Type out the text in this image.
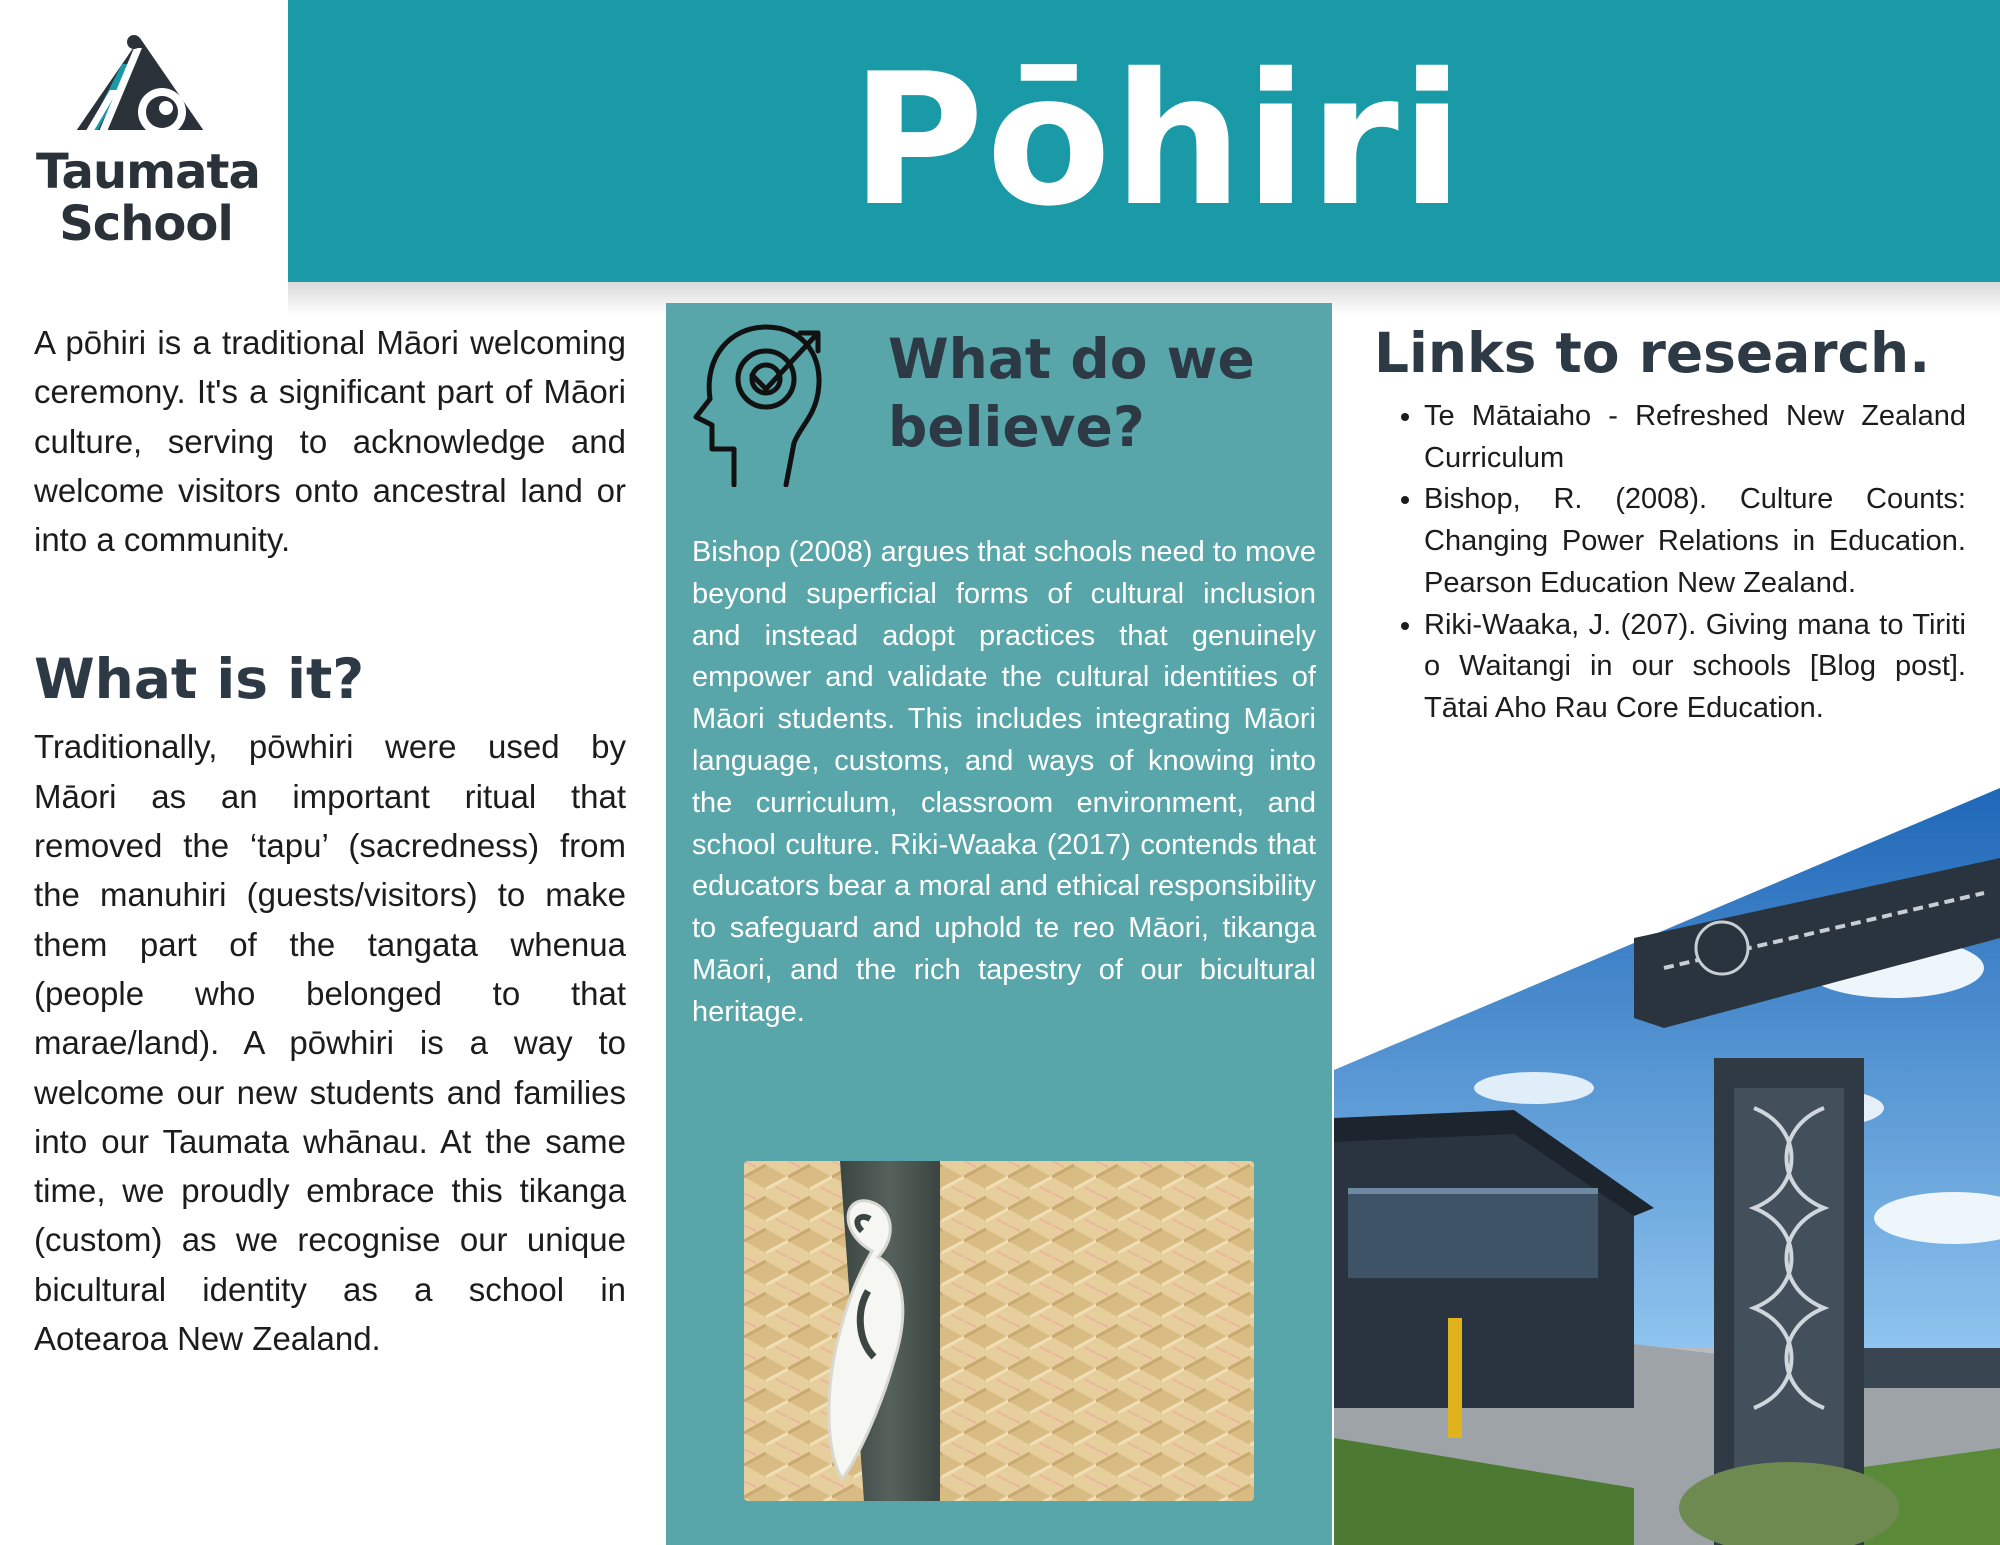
Taumata
School	Pōhiri

A pōhiri is a traditional Māori welcoming ceremony. It's a significant part of Māori culture, serving to acknowledge and welcome visitors onto ancestral land or into a community.

What is it?

Traditionally, pōwhiri were used by Māori as an important ritual that removed the ‘tapu’ (sacredness) from the manuhiri (guests/visitors) to make them part of the tangata whenua (people who belonged to that marae/land). A pōwhiri is a way to welcome our new students and families into our Taumata whānau. At the same time, we proudly embrace this tikanga (custom) as we recognise our unique bicultural identity as a school in Aotearoa New Zealand.

What do we believe?

Bishop (2008) argues that schools need to move beyond superficial forms of cultural inclusion and instead adopt practices that genuinely empower and validate the cultural identities of Māori students. This includes integrating Māori language, customs, and ways of knowing into the curriculum, classroom environment, and school culture. Riki-Waaka (2017) contends that educators bear a moral and ethical responsibility to safeguard and uphold te reo Māori, tikanga Māori, and the rich tapestry of our bicultural heritage.

Links to research.
• Te Mātaiaho - Refreshed New Zealand Curriculum
• Bishop, R. (2008). Culture Counts: Changing Power Relations in Education. Pearson Education New Zealand.
• Riki-Waaka, J. (207). Giving mana to Tiriti o Waitangi in our schools [Blog post]. Tātai Aho Rau Core Education.
